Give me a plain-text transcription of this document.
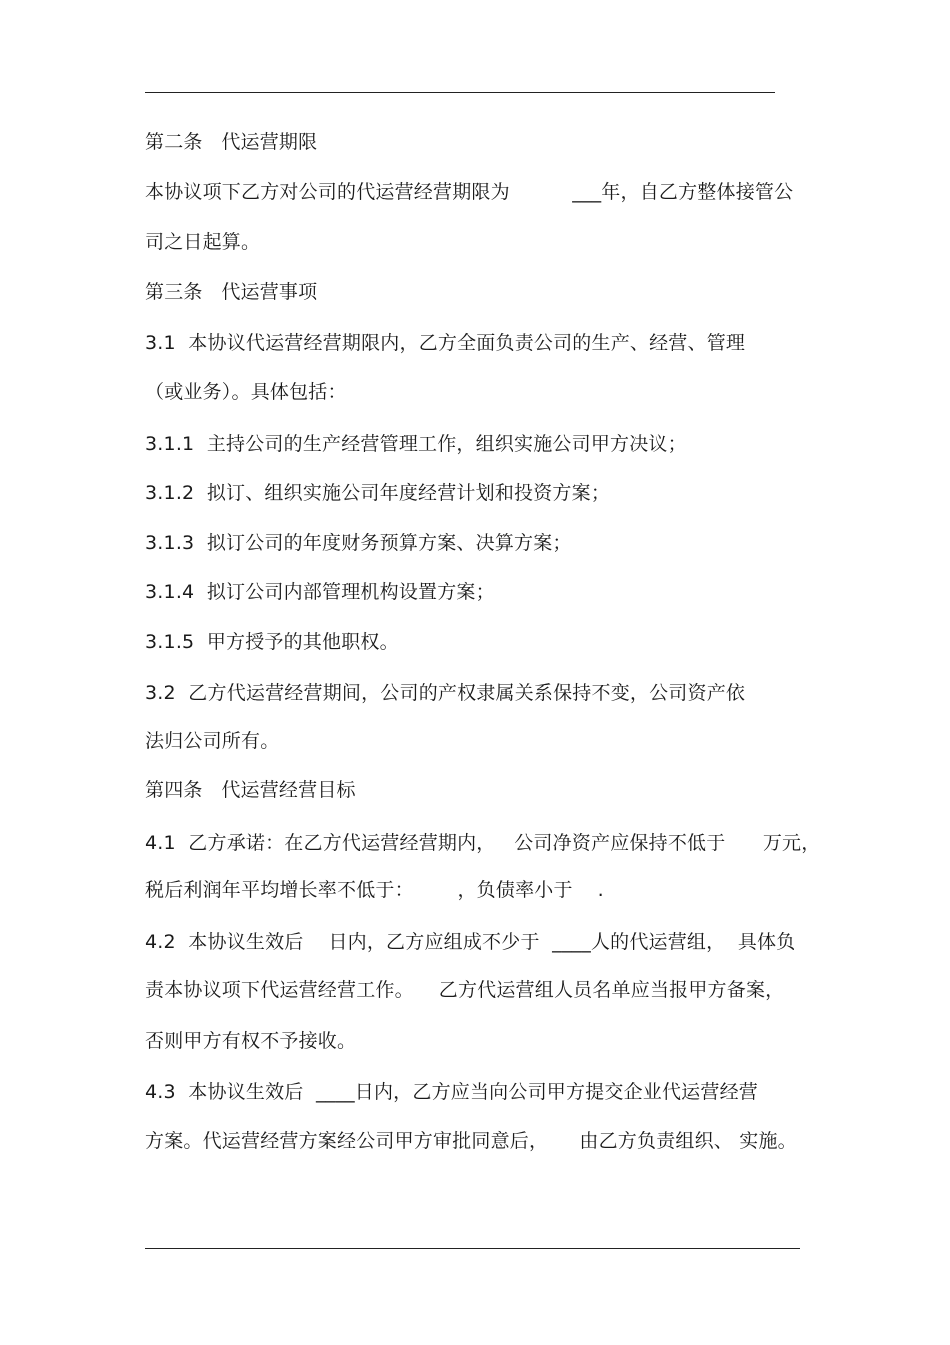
第二条   代运营期限
本协议项下乙方对公司的代运营经营期限为          ___年，自乙方整体接管公
司之日起算。
第三条   代运营事项
3.1  本协议代运营经营期限内，乙方全面负责公司的生产、经营、管理
（或业务）。具体包括：
3.1.1  主持公司的生产经营管理工作，组织实施公司甲方决议；
3.1.2  拟订、组织实施公司年度经营计划和投资方案；
3.1.3  拟订公司的年度财务预算方案、决算方案；
3.1.4  拟订公司内部管理机构设置方案；
3.1.5  甲方授予的其他职权。
3.2  乙方代运营经营期间，公司的产权隶属关系保持不变，公司资产依
法归公司所有。
第四条   代运营经营目标
4.1  乙方承诺：在乙方代运营经营期内，   公司净资产应保持不低于      万元，
税后利润年平均增长率不低于：       ，负债率小于    .
4.2  本协议生效后    日内，乙方应组成不少于  ____人的代运营组，  具体负
责本协议项下代运营经营工作。    乙方代运营组人员名单应当报甲方备案，
否则甲方有权不予接收。
4.3  本协议生效后  ____日内，乙方应当向公司甲方提交企业代运营经营
方案。代运营经营方案经公司甲方审批同意后，     由乙方负责组织、 实施。
